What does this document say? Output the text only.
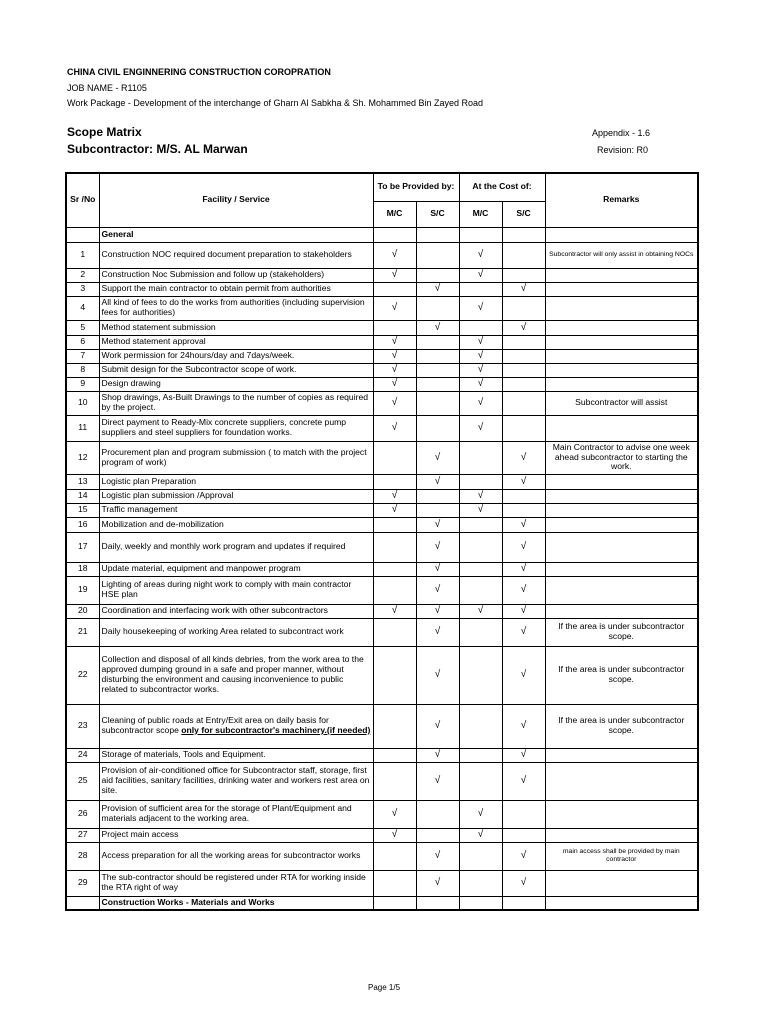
CHINA CIVIL ENGINNERING CONSTRUCTION COROPRATION
JOB NAME - R1105
Work Package - Development of the interchange of Gharn Al Sabkha & Sh. Mohammed Bin Zayed Road
Scope Matrix
Subcontractor: M/S. AL Marwan
Appendix - 1.6
Revision: R0
Sr /No	Facility / Service	To be Provided by:		At the Cost of:		Remarks
		M/C	S/C	M/C	S/C	
	General					
1	Construction NOC required document preparation to stakeholders	√		√		Subcontractor will only assist in obtaining NOCs
2	Construction Noc Submission and follow up (stakeholders)	√		√		
3	Support the main contractor to obtain permit from authorities		√		√	
4	All kind of fees to do the works from authorities (including supervision fees for authorities)	√		√		
5	Method statement submission		√		√	
6	Method statement approval	√		√		
7	Work permission for 24hours/day and 7days/week.	√		√		
8	Submit design for the Subcontractor scope of work.	√		√		
9	Design drawing	√		√		
10	Shop drawings, As-Built Drawings to the number of copies as required by the project.	√		√		Subcontractor will assist
11	Direct payment to Ready-Mix concrete suppliers, concrete pump suppliers and steel suppliers for foundation works.	√		√		
12	Procurement plan and program submission ( to match with the project program of work)		√		√	Main Contractor to advise one week ahead subcontractor to starting the work.
13	Logistic plan Preparation		√		√	
14	Logistic plan submission /Approval	√		√		
15	Traffic management	√		√		
16	Mobilization and de-mobilization		√		√	
17	Daily, weekly and monthly work program and updates if required		√		√	
18	Update material, equipment and manpower program		√		√	
19	Lighting of areas during night work to comply with main contractor HSE plan		√		√	
20	Coordination and interfacing work with other subcontractors	√	√	√	√	
21	Daily housekeeping of working Area related to subcontract work		√		√	If the area is under subcontractor scope.
22	Collection and disposal of all kinds debries, from the work area to the approved dumping ground in a safe and proper manner, without disturbing the environment and causing inconvenience to public related to subcontractor works.		√		√	If the area is under subcontractor scope.
23	Cleaning of public roads at Entry/Exit area on daily basis for subcontractor scope only for subcontractor's machinery.(if needed)		√		√	If the area is under subcontractor scope.
24	Storage of materials, Tools and Equipment.		√		√	
25	Provision of air-conditioned office for Subcontractor staff, storage, first aid facilities, sanitary facilities, drinking water and workers rest area on site.		√		√	
26	Provision of sufficient area for the storage of Plant/Equipment and materials adjacent to the working area.	√		√		
27	Project main access	√		√		
28	Access preparation for all the working areas for subcontractor works		√		√	main access shall be provided by main contractor
29	The sub-contractor should be registered under RTA for working inside the RTA right of way		√		√	
	Construction Works - Materials and Works					
Page 1/5
